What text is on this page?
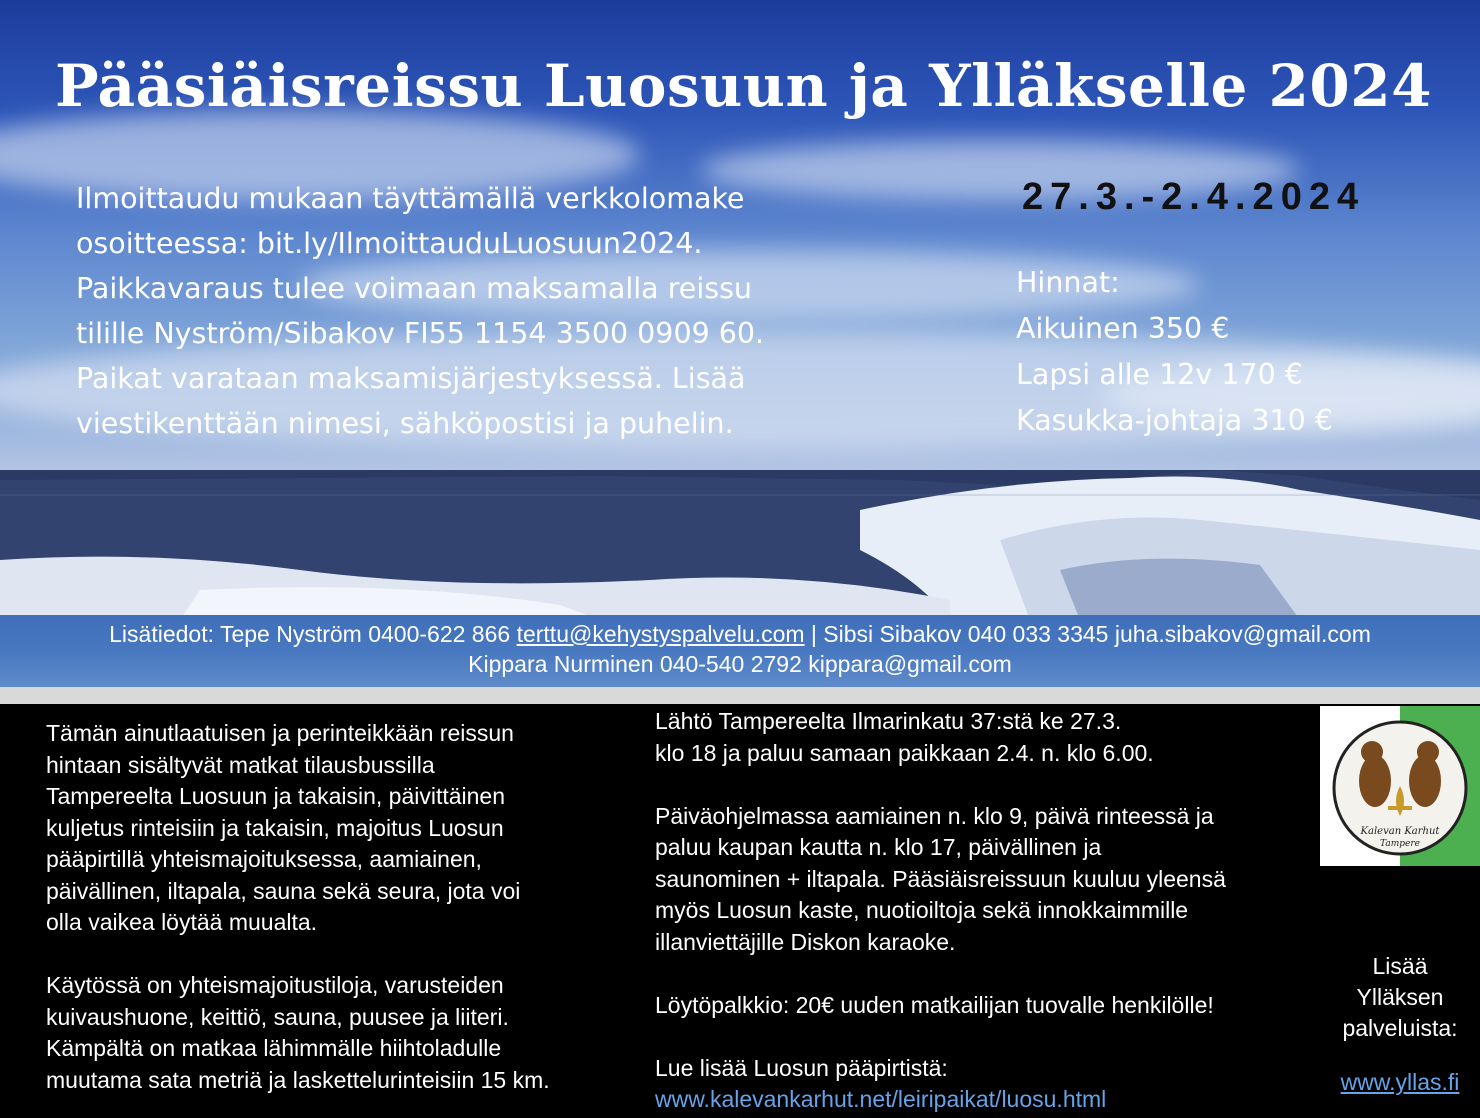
Pääsiäisreissu Luosuun ja Ylläkselle 2024
27.3.-2.4.2024
Ilmoittaudu mukaan täyttämällä verkkolomake
osoitteessa: bit.ly/IlmoittauduLuosuun2024.
Paikkavaraus tulee voimaan maksamalla reissu
tilille Nyström/Sibakov FI55 1154 3500 0909 60.
Paikat varataan maksamisjärjestyksessä. Lisää
viestikenttään nimesi, sähköpostisi ja puhelin.
Hinnat:
Aikuinen 350 €
Lapsi alle 12v 170 €
Kasukka-johtaja 310 €
Lisätiedot: Tepe Nyström 0400-622 866 terttu@kehystyspalvelu.com | Sibsi Sibakov 040 033 3345 juha.sibakov@gmail.com
Kippara Nurminen 040-540 2792 kippara@gmail.com
Tämän ainutlaatuisen ja perinteikkään reissun
hintaan sisältyvät matkat tilausbussilla
Tampereelta Luosuun ja takaisin, päivittäinen
kuljetus rinteisiin ja takaisin, majoitus Luosun
pääpirtillä yhteismajoituksessa, aamiainen,
päivällinen, iltapala, sauna sekä seura, jota voi
olla vaikea löytää muualta.
Käytössä on yhteismajoitustiloja, varusteiden
kuivaushuone, keittiö, sauna, puusee ja liiteri.
Kämpältä on matkaa lähimmälle hiihtoladulle
muutama sata metriä ja laskettelurinteisiin 15 km.
Lähtö Tampereelta Ilmarinkatu 37:stä ke 27.3.
klo 18 ja paluu samaan paikkaan 2.4. n. klo 6.00.
Päiväohjelmassa aamiainen n. klo 9, päivä rinteessä ja
paluu kaupan kautta n. klo 17, päivällinen ja
saunominen + iltapala. Pääsiäisreissuun kuuluu yleensä
myös Luosun kaste, nuotioiltoja sekä innokkaimmille
illanviettäjille Diskon karaoke.
Löytöpalkkio: 20€ uuden matkailijan tuovalle henkilölle!
Lue lisää Luosun pääpirtistä:
www.kalevankarhut.net/leiripaikat/luosu.html
Kalevan Karhut
Tampere
Lisää
Ylläksen
palveluista:
www.yllas.fi
